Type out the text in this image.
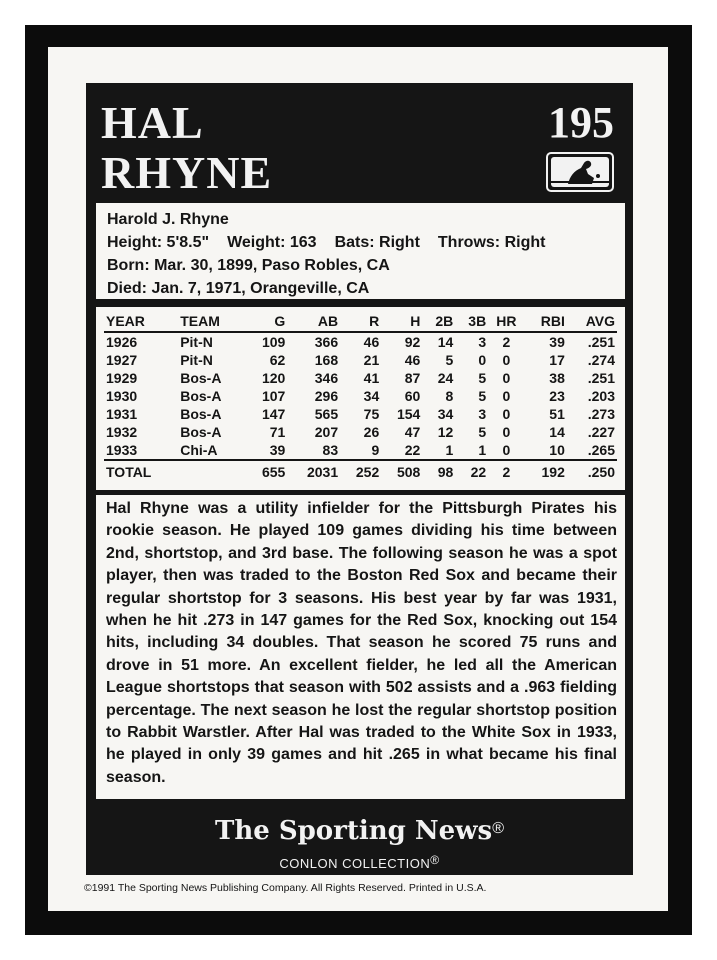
HAL
RHYNE
195
Harold J. Rhyne
Height: 5'8.5" Weight: 163 Bats: Right Throws: Right
Born: Mar. 30, 1899, Paso Robles, CA
Died: Jan. 7, 1971, Orangeville, CA
YEAR	TEAM	G	AB	R	H	2B	3B	HR	RBI	AVG
1926	Pit-N	109	366	46	92	14	3	2	39	.251
1927	Pit-N	62	168	21	46	5	0	0	17	.274
1929	Bos-A	120	346	41	87	24	5	0	38	.251
1930	Bos-A	107	296	34	60	8	5	0	23	.203
1931	Bos-A	147	565	75	154	34	3	0	51	.273
1932	Bos-A	71	207	26	47	12	5	0	14	.227
1933	Chi-A	39	83	9	22	1	1	0	10	.265
TOTAL		655	2031	252	508	98	22	2	192	.250
Hal Rhyne was a utility infielder for the Pittsburgh Pirates his rookie season. He played 109 games dividing his time between 2nd, shortstop, and 3rd base. The following season he was a spot player, then was traded to the Boston Red Sox and became their regular shortstop for 3 seasons. His best year by far was 1931, when he hit .273 in 147 games for the Red Sox, knocking out 154 hits, including 34 doubles. That season he scored 75 runs and drove in 51 more. An excellent fielder, he led all the American League shortstops that season with 502 assists and a .963 fielding percentage. The next season he lost the regular shortstop position to Rabbit Warstler. After Hal was traded to the White Sox in 1933, he played in only 39 games and hit .265 in what became his final season.
The Sporting News®
CONLON COLLECTION®
©1991 The Sporting News Publishing Company. All Rights Reserved. Printed in U.S.A.
